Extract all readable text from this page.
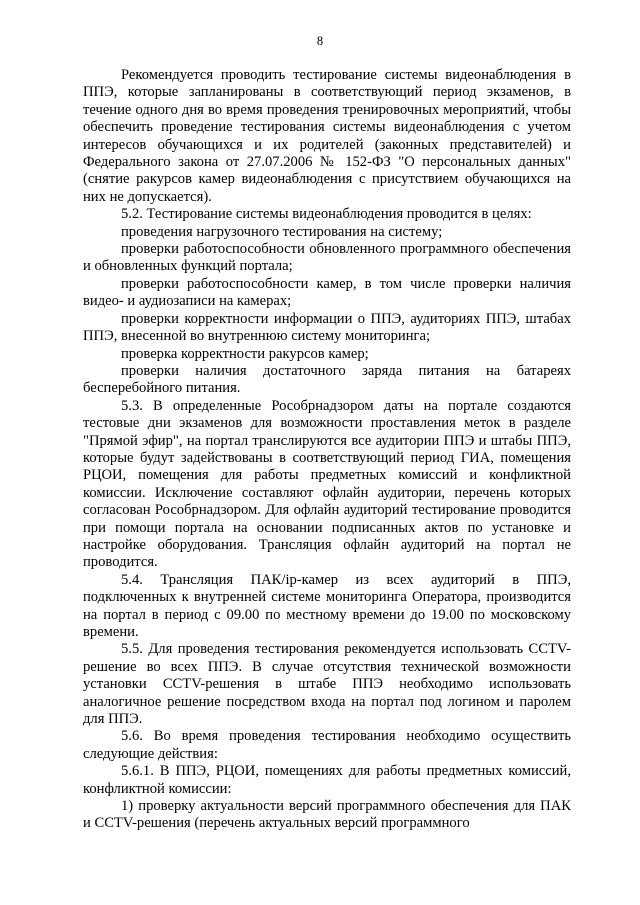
8

Рекомендуется проводить тестирование системы видеонаблюдения в ППЭ, которые запланированы в соответствующий период экзаменов, в течение одного дня во время проведения тренировочных мероприятий, чтобы обеспечить проведение тестирования системы видеонаблюдения с учетом интересов обучающихся и их родителей (законных представителей) и Федерального закона от 27.07.2006 № 152-ФЗ "О персональных данных" (снятие ракурсов камер видеонаблюдения с присутствием обучающихся на них не допускается).

5.2. Тестирование системы видеонаблюдения проводится в целях:

проведения нагрузочного тестирования на систему;

проверки работоспособности обновленного программного обеспечения и обновленных функций портала;

проверки работоспособности камер, в том числе проверки наличия видео- и аудиозаписи на камерах;

проверки корректности информации о ППЭ, аудиториях ППЭ, штабах ППЭ, внесенной во внутреннюю систему мониторинга;

проверка корректности ракурсов камер;

проверки наличия достаточного заряда питания на батареях бесперебойного питания.

5.3. В определенные Рособрнадзором даты на портале создаются тестовые дни экзаменов для возможности проставления меток в разделе "Прямой эфир", на портал транслируются все аудитории ППЭ и штабы ППЭ, которые будут задействованы в соответствующий период ГИА, помещения РЦОИ, помещения для работы предметных комиссий и конфликтной комиссии. Исключение составляют офлайн аудитории, перечень которых согласован Рособрнадзором. Для офлайн аудиторий тестирование проводится при помощи портала на основании подписанных актов по установке и настройке оборудования. Трансляция офлайн аудиторий на портал не проводится.

5.4. Трансляция ПАК/ip-камер из всех аудиторий в ППЭ, подключенных к внутренней системе мониторинга Оператора, производится на портал в период с 09.00 по местному времени до 19.00 по московскому времени.

5.5. Для проведения тестирования рекомендуется использовать CCTV-решение во всех ППЭ. В случае отсутствия технической возможности установки CCTV-решения в штабе ППЭ необходимо использовать аналогичное решение посредством входа на портал под логином и паролем для ППЭ.

5.6. Во время проведения тестирования необходимо осуществить следующие действия:

5.6.1. В ППЭ, РЦОИ, помещениях для работы предметных комиссий, конфликтной комиссии:

1) проверку актуальности версий программного обеспечения для ПАК и CCTV-решения (перечень актуальных версий программного
